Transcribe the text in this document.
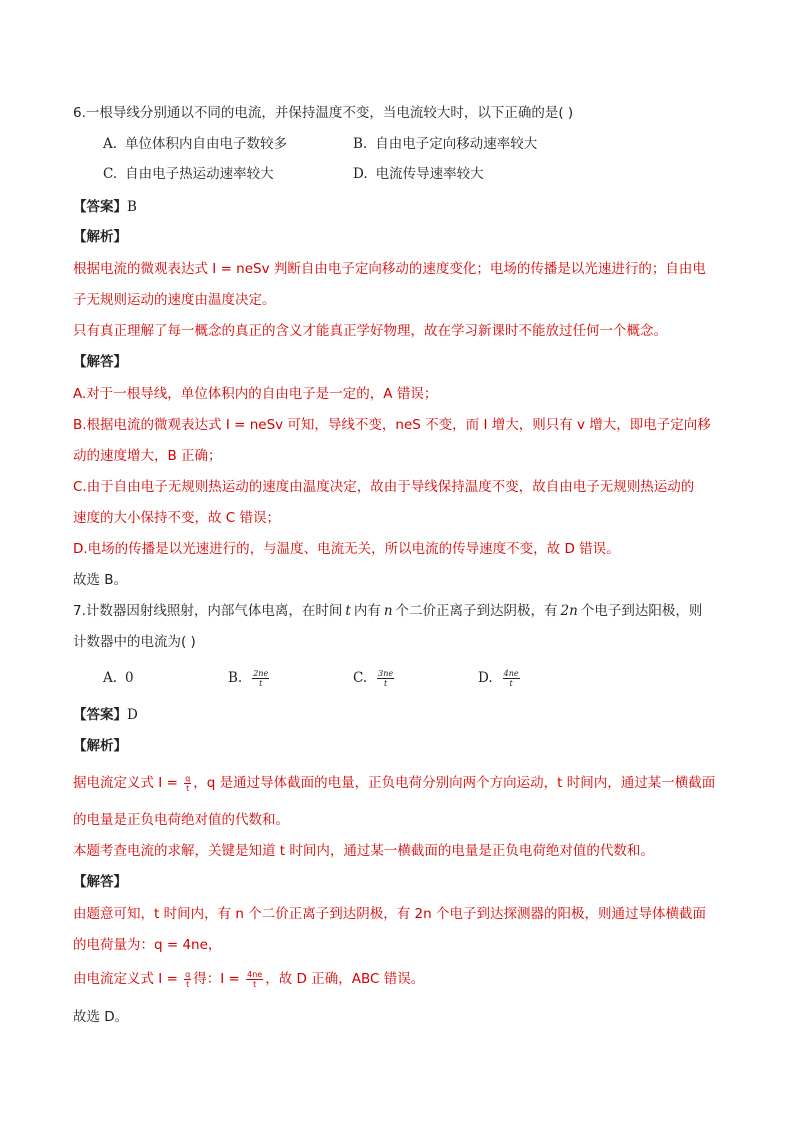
6.一根导线分别通以不同的电流，并保持温度不变，当电流较大时，以下正确的是( )
A. 单位体积内自由电子数较多	B. 自由电子定向移动速率较大
C. 自由电子热运动速率较大	D. 电流传导速率较大
【答案】B
【解析】
根据电流的微观表达式 I = neSv 判断自由电子定向移动的速度变化；电场的传播是以光速进行的；自由电
子无规则运动的速度由温度决定。
只有真正理解了每一概念的真正的含义才能真正学好物理，故在学习新课时不能放过任何一个概念。
【解答】
A.对于一根导线，单位体积内的自由电子是一定的，A 错误；
B.根据电流的微观表达式 I = neSv 可知，导线不变，neS 不变，而 I 增大，则只有 v 增大，即电子定向移
动的速度增大，B 正确；
C.由于自由电子无规则热运动的速度由温度决定，故由于导线保持温度不变，故自由电子无规则热运动的
速度的大小保持不变，故 C 错误；
D.电场的传播是以光速进行的，与温度、电流无关，所以电流的传导速度不变，故 D 错误。
故选 B。
7.计数器因射线照射，内部气体电离，在时间 t 内有 n 个二价正离子到达阴极，有 2n 个电子到达阳极，则
计数器中的电流为( )
A. 0	B. $\frac{2ne}{t}$	C. $\frac{3ne}{t}$	D. $\frac{4ne}{t}$
【答案】D
【解析】
据电流定义式 $I = \frac{q}{t}$ ，q 是通过导体截面的电量，正负电荷分别向两个方向运动，t 时间内，通过某一横截面
的电量是正负电荷绝对值的代数和。
本题考查电流的求解，关键是知道 t 时间内，通过某一横截面的电量是正负电荷绝对值的代数和。
【解答】
由题意可知，t 时间内，有 n 个二价正离子到达阴极，有 2n 个电子到达探测器的阳极，则通过导体横截面
的电荷量为：q = 4ne，
由电流定义式 $I = \frac{q}{t}$ 得：$I = \frac{4ne}{t}$ ，故 D 正确，ABC 错误。
故选 D。
